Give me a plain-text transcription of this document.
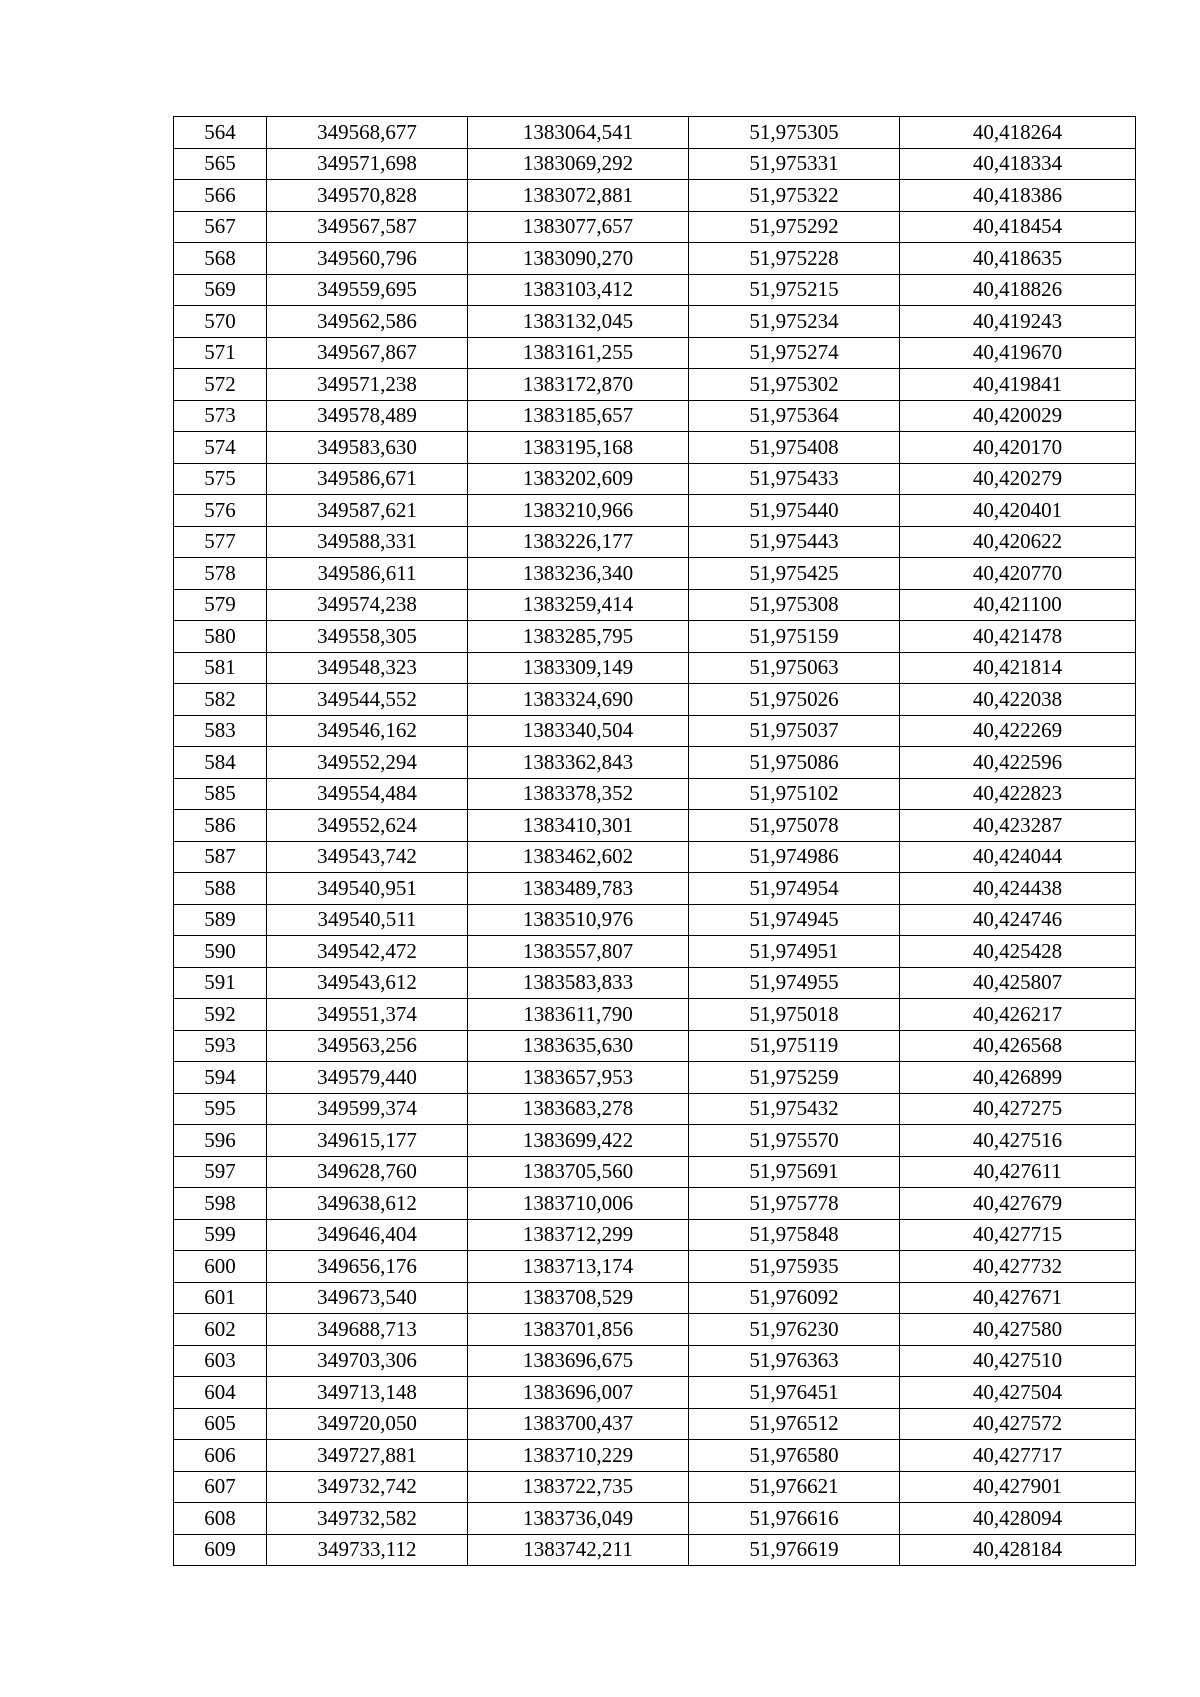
564	349568,677	1383064,541	51,975305	40,418264
565	349571,698	1383069,292	51,975331	40,418334
566	349570,828	1383072,881	51,975322	40,418386
567	349567,587	1383077,657	51,975292	40,418454
568	349560,796	1383090,270	51,975228	40,418635
569	349559,695	1383103,412	51,975215	40,418826
570	349562,586	1383132,045	51,975234	40,419243
571	349567,867	1383161,255	51,975274	40,419670
572	349571,238	1383172,870	51,975302	40,419841
573	349578,489	1383185,657	51,975364	40,420029
574	349583,630	1383195,168	51,975408	40,420170
575	349586,671	1383202,609	51,975433	40,420279
576	349587,621	1383210,966	51,975440	40,420401
577	349588,331	1383226,177	51,975443	40,420622
578	349586,611	1383236,340	51,975425	40,420770
579	349574,238	1383259,414	51,975308	40,421100
580	349558,305	1383285,795	51,975159	40,421478
581	349548,323	1383309,149	51,975063	40,421814
582	349544,552	1383324,690	51,975026	40,422038
583	349546,162	1383340,504	51,975037	40,422269
584	349552,294	1383362,843	51,975086	40,422596
585	349554,484	1383378,352	51,975102	40,422823
586	349552,624	1383410,301	51,975078	40,423287
587	349543,742	1383462,602	51,974986	40,424044
588	349540,951	1383489,783	51,974954	40,424438
589	349540,511	1383510,976	51,974945	40,424746
590	349542,472	1383557,807	51,974951	40,425428
591	349543,612	1383583,833	51,974955	40,425807
592	349551,374	1383611,790	51,975018	40,426217
593	349563,256	1383635,630	51,975119	40,426568
594	349579,440	1383657,953	51,975259	40,426899
595	349599,374	1383683,278	51,975432	40,427275
596	349615,177	1383699,422	51,975570	40,427516
597	349628,760	1383705,560	51,975691	40,427611
598	349638,612	1383710,006	51,975778	40,427679
599	349646,404	1383712,299	51,975848	40,427715
600	349656,176	1383713,174	51,975935	40,427732
601	349673,540	1383708,529	51,976092	40,427671
602	349688,713	1383701,856	51,976230	40,427580
603	349703,306	1383696,675	51,976363	40,427510
604	349713,148	1383696,007	51,976451	40,427504
605	349720,050	1383700,437	51,976512	40,427572
606	349727,881	1383710,229	51,976580	40,427717
607	349732,742	1383722,735	51,976621	40,427901
608	349732,582	1383736,049	51,976616	40,428094
609	349733,112	1383742,211	51,976619	40,428184
